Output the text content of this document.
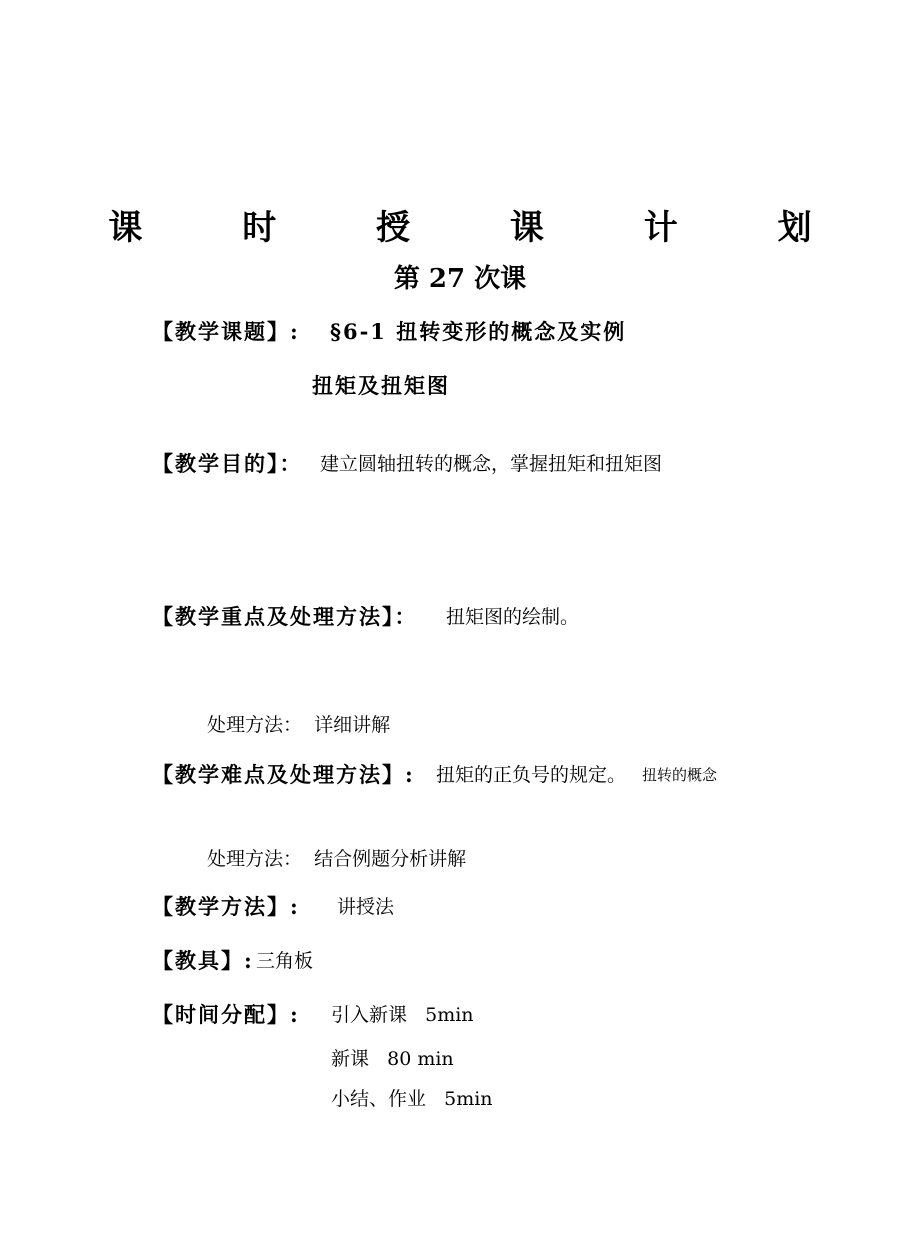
课 时 授 课 计 划
第 27 次课
【教学课题】: §6-1 扭转变形的概念及实例
扭矩及扭矩图
【教学目的】： 建立圆轴扭转的概念，掌握扭矩和扭矩图
【教学重点及处理方法】： 扭矩图的绘制。
处理方法：  详细讲解
【教学难点及处理方法】: 扭矩的正负号的规定。 扭转的概念
处理方法：  结合例题分析讲解
【教学方法】: 讲授法
【教具】: 三角板
【时间分配】: 引入新课   5min
新课   80 min
小结、作业   5min
